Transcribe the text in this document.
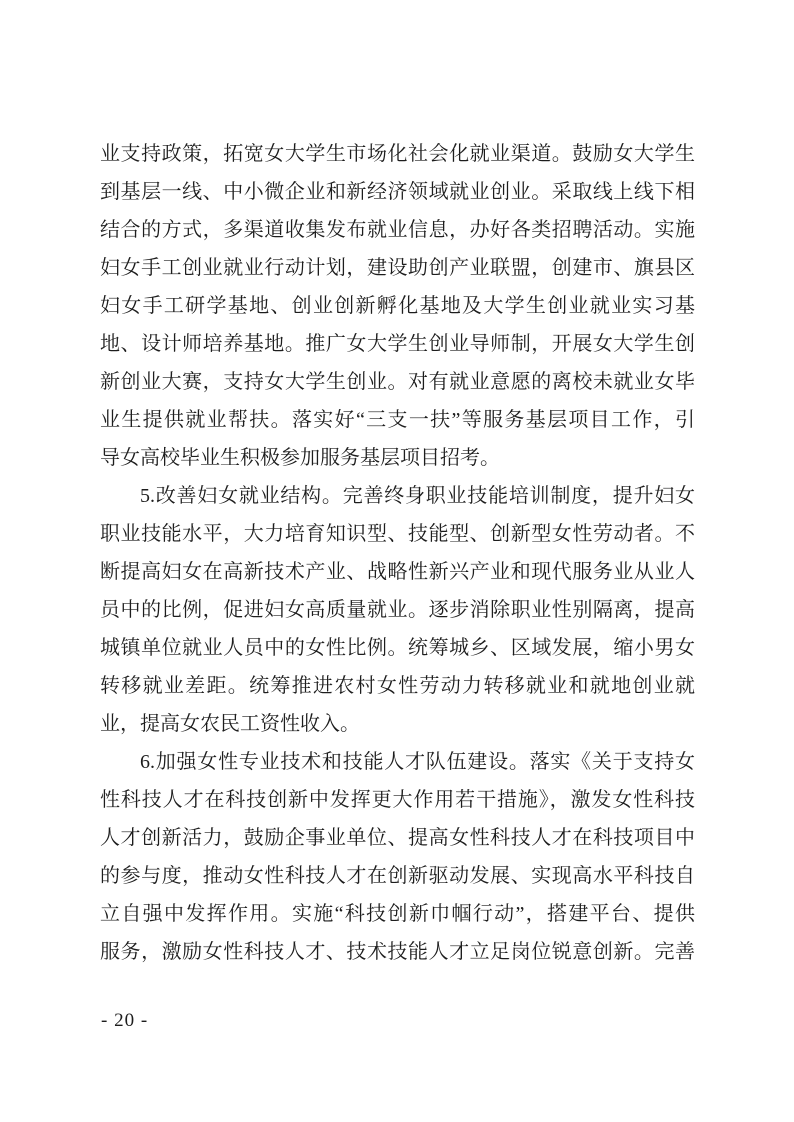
业支持政策，拓宽女大学生市场化社会化就业渠道。鼓励女大学生
到基层一线、中小微企业和新经济领域就业创业。采取线上线下相
结合的方式，多渠道收集发布就业信息，办好各类招聘活动。实施
妇女手工创业就业行动计划，建设助创产业联盟，创建市、旗县区
妇女手工研学基地、创业创新孵化基地及大学生创业就业实习基
地、设计师培养基地。推广女大学生创业导师制，开展女大学生创
新创业大赛，支持女大学生创业。对有就业意愿的离校未就业女毕
业生提供就业帮扶。落实好“三支一扶”等服务基层项目工作，引
导女高校毕业生积极参加服务基层项目招考。
5.改善妇女就业结构。完善终身职业技能培训制度，提升妇女
职业技能水平，大力培育知识型、技能型、创新型女性劳动者。不
断提高妇女在高新技术产业、战略性新兴产业和现代服务业从业人
员中的比例，促进妇女高质量就业。逐步消除职业性别隔离，提高
城镇单位就业人员中的女性比例。统筹城乡、区域发展，缩小男女
转移就业差距。统筹推进农村女性劳动力转移就业和就地创业就
业，提高女农民工资性收入。
6.加强女性专业技术和技能人才队伍建设。落实《关于支持女
性科技人才在科技创新中发挥更大作用若干措施》，激发女性科技
人才创新活力，鼓励企事业单位、提高女性科技人才在科技项目中
的参与度，推动女性科技人才在创新驱动发展、实现高水平科技自
立自强中发挥作用。实施“科技创新巾帼行动”，搭建平台、提供
服务，激励女性科技人才、技术技能人才立足岗位锐意创新。完善
- 20 -
